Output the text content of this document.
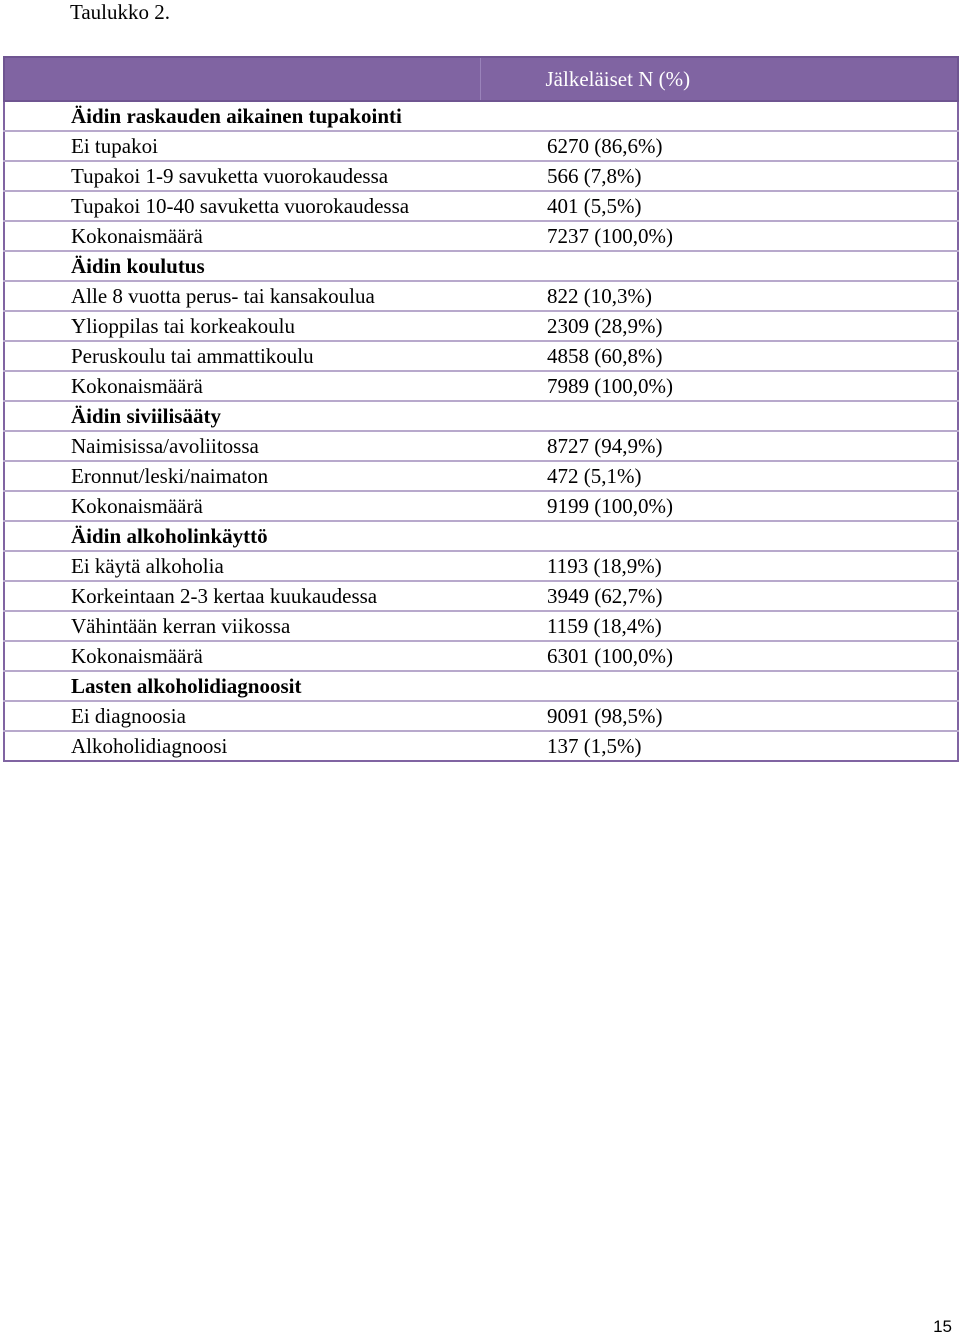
Taulukko 2.
	Jälkeläiset N (%)
Äidin raskauden aikainen tupakointi	
Ei tupakoi	6270 (86,6%)
Tupakoi 1-9 savuketta vuorokaudessa	566 (7,8%)
Tupakoi 10-40 savuketta vuorokaudessa	401 (5,5%)
Kokonaismäärä	7237 (100,0%)
Äidin koulutus	
Alle 8 vuotta perus- tai kansakoulua	822 (10,3%)
Ylioppilas tai korkeakoulu	2309 (28,9%)
Peruskoulu tai ammattikoulu	4858 (60,8%)
Kokonaismäärä	7989 (100,0%)
Äidin siviilisääty	
Naimisissa/avoliitossa	8727 (94,9%)
Eronnut/leski/naimaton	472 (5,1%)
Kokonaismäärä	9199 (100,0%)
Äidin alkoholinkäyttö	
Ei käytä alkoholia	1193 (18,9%)
Korkeintaan 2-3 kertaa kuukaudessa	3949 (62,7%)
Vähintään kerran viikossa	1159 (18,4%)
Kokonaismäärä	6301 (100,0%)
Lasten alkoholidiagnoosit	
Ei diagnoosia	9091 (98,5%)
Alkoholidiagnoosi	137 (1,5%)
15
